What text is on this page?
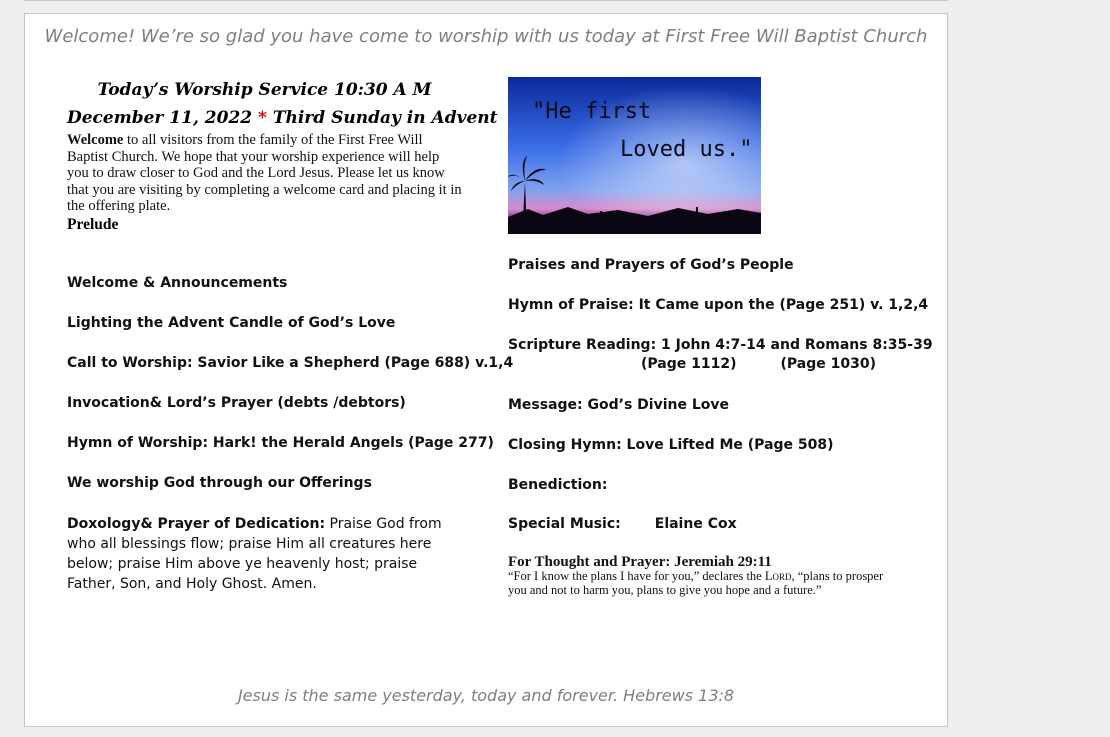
Welcome! We’re so glad you have come to worship with us today at First Free Will Baptist Church
Today’s Worship Service 10:30 A M
December 11, 2022 * Third Sunday in Advent
Welcome to all visitors from the family of the First Free Will Baptist Church. We hope that your worship experience will help you to draw closer to God and the Lord Jesus. Please let us know that you are visiting by completing a welcome card and placing it in the offering plate.
Prelude
Welcome & Announcements
Lighting the Advent Candle of God’s Love
Call to Worship: Savior Like a Shepherd (Page 688) v.1,4
Invocation& Lord’s Prayer (debts /debtors)
Hymn of Worship: Hark! the Herald Angels (Page 277)
We worship God through our Offerings
Doxology& Prayer of Dedication: Praise God from who all blessings flow; praise Him all creatures here below; praise Him above ye heavenly host; praise Father, Son, and Holy Ghost. Amen.
"He first
Loved us."
Praises and Prayers of God’s People
Hymn of Praise: It Came upon the (Page 251) v. 1,2,4
Scripture Reading: 1 John 4:7-14 and Romans 8:35-39
(Page 1112)	(Page 1030)
Message: God’s Divine Love
Closing Hymn: Love Lifted Me (Page 508)
Benediction:
Special Music: Elaine Cox
For Thought and Prayer: Jeremiah 29:11
“For I know the plans I have for you,” declares the Lord, “plans to prosper you and not to harm you, plans to give you hope and a future.”
Jesus is the same yesterday, today and forever. Hebrews 13:8
